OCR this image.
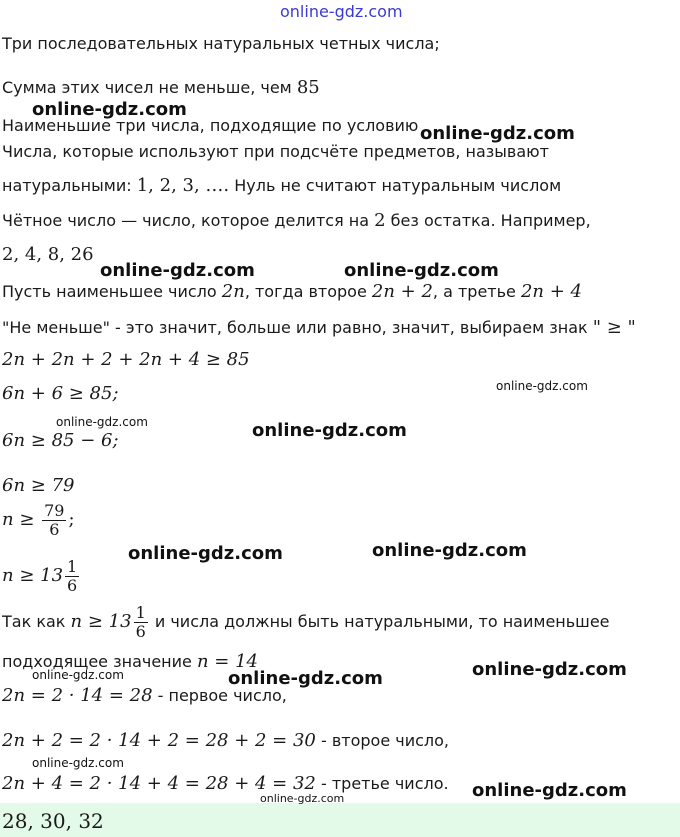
online-gdz.com
Три последовательных натуральных четных числа;
Сумма этих чисел не меньше, чем 85
Наименьшие три числа, подходящие по условию
Числа, которые используют при подсчёте предметов, называют
натуральными: 1, 2, 3, …. Нуль не считают натуральным числом
Чётное число — число, которое делится на 2 без остатка. Например,
2, 4, 8, 26
Пусть наименьшее число 2n, тогда второе 2n + 2, а третье 2n + 4
"Не меньше" - это значит, больше или равно, значит, выбираем знак " ≥ "
2n + 2n + 2 + 2n + 4 ≥ 85
6n + 6 ≥ 85;
6n ≥ 85 − 6;
6n ≥ 79
$n \ge \frac{79}{6}$ ;
$n \ge 13 \frac{1}{6}$
Так как $n \ge 13 \frac{1}{6}$ и числа должны быть натуральными, то наименьшее
подходящее значение n = 14
2n = 2 · 14 = 28 - первое число,
2n + 2 = 2 · 14 + 2 = 28 + 2 = 30 - второе число,
2n + 4 = 2 · 14 + 4 = 28 + 4 = 32 - третье число.
28, 30, 32
online-gdz.com
online-gdz.com
online-gdz.com	online-gdz.com
online-gdz.com
online-gdz.com	online-gdz.com
online-gdz.com	online-gdz.com
online-gdz.com
online-gdz.com	online-gdz.com
online-gdz.com
online-gdz.com
online-gdz.com
